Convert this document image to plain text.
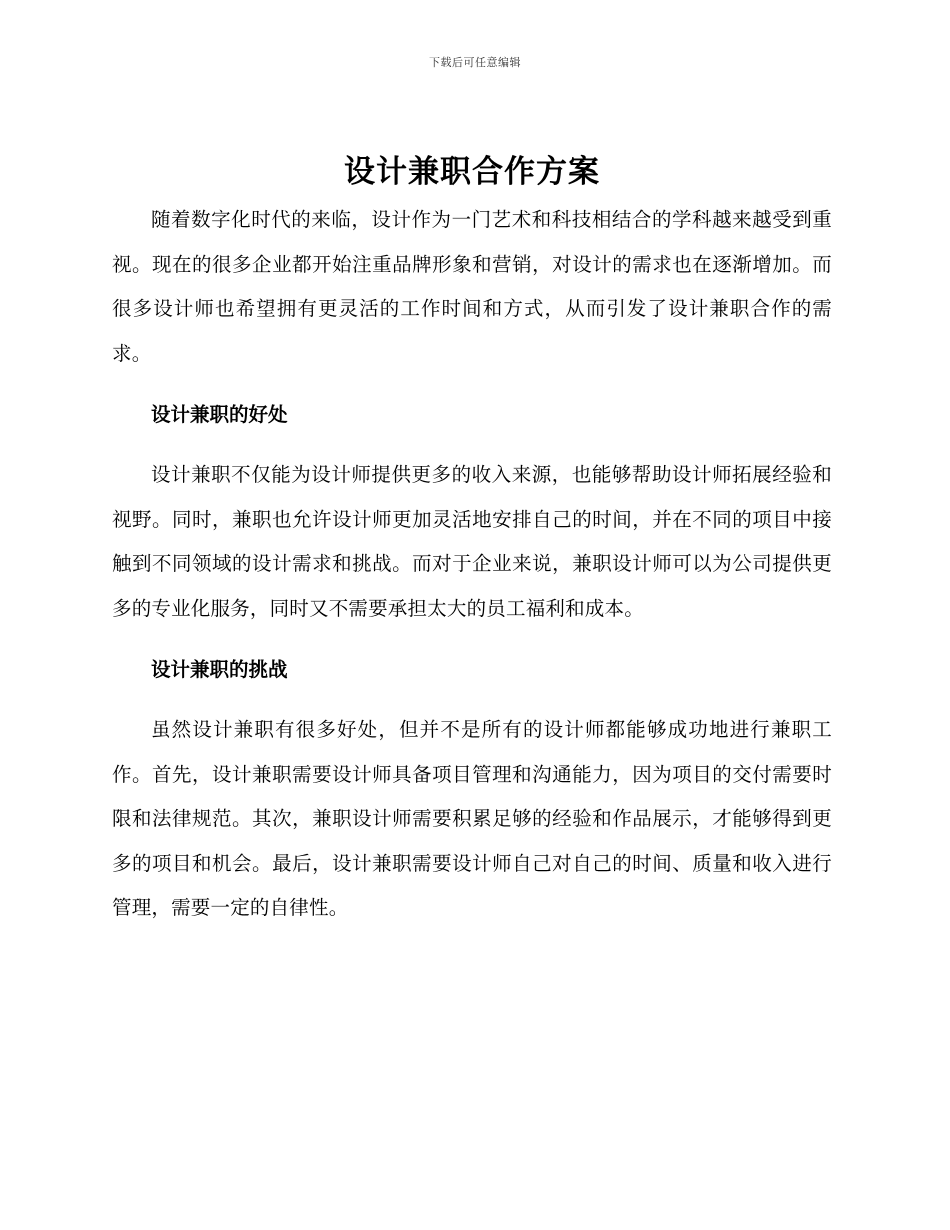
下载后可任意编辑
设计兼职合作方案

随着数字化时代的来临，设计作为一门艺术和科技相结合的学科越来越受到重视。现在的很多企业都开始注重品牌形象和营销，对设计的需求也在逐渐增加。而很多设计师也希望拥有更灵活的工作时间和方式，从而引发了设计兼职合作的需求。

设计兼职的好处

设计兼职不仅能为设计师提供更多的收入来源，也能够帮助设计师拓展经验和视野。同时，兼职也允许设计师更加灵活地安排自己的时间，并在不同的项目中接触到不同领域的设计需求和挑战。而对于企业来说，兼职设计师可以为公司提供更多的专业化服务，同时又不需要承担太大的员工福利和成本。

设计兼职的挑战

虽然设计兼职有很多好处，但并不是所有的设计师都能够成功地进行兼职工作。首先，设计兼职需要设计师具备项目管理和沟通能力，因为项目的交付需要时限和法律规范。其次，兼职设计师需要积累足够的经验和作品展示，才能够得到更多的项目和机会。最后，设计兼职需要设计师自己对自己的时间、质量和收入进行管理，需要一定的自律性。
